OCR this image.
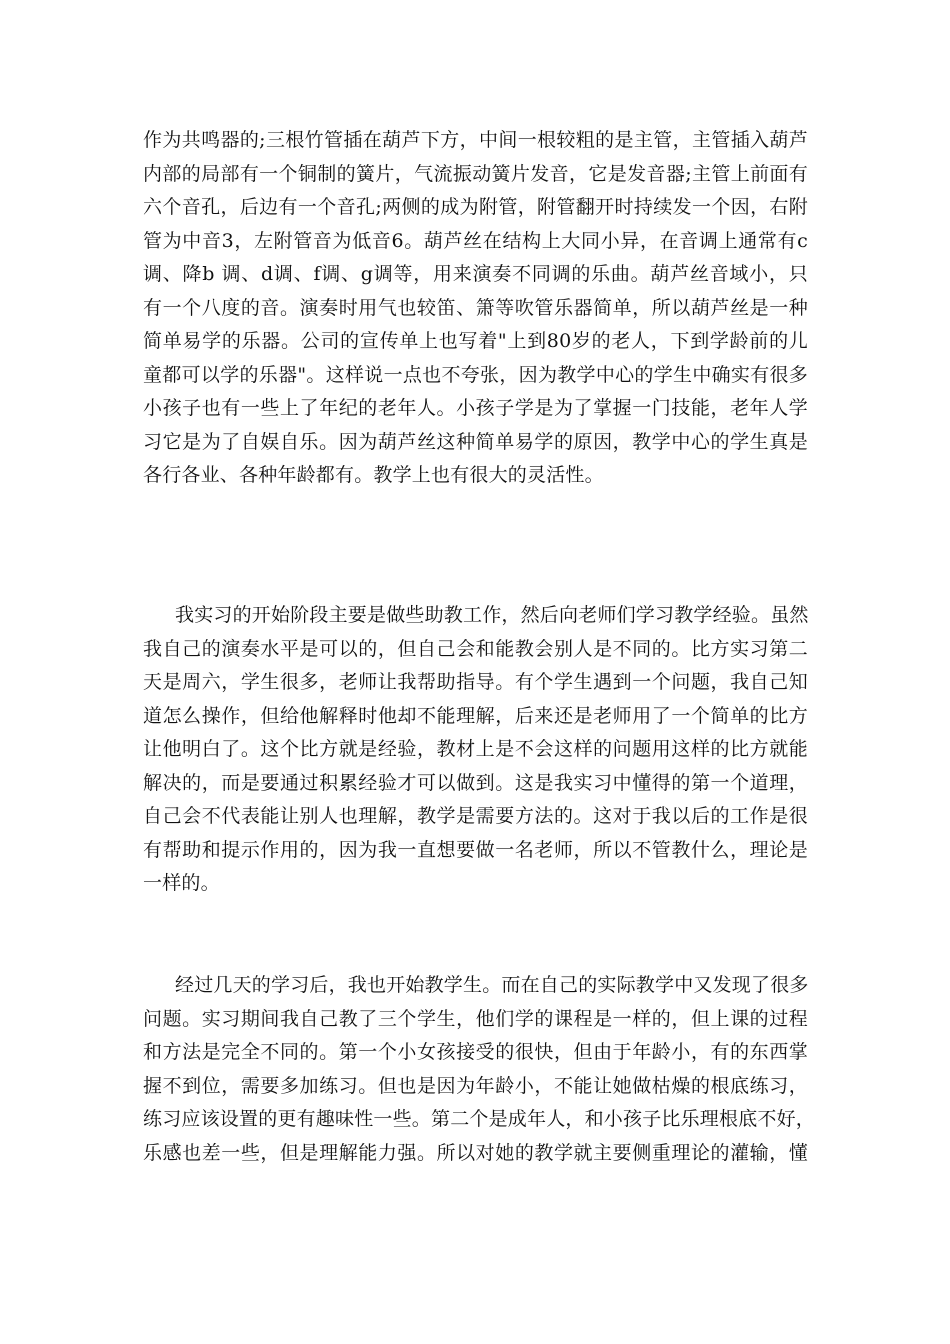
作为共鸣器的;三根竹管插在葫芦下方，中间一根较粗的是主管，主管插入葫芦
内部的局部有一个铜制的簧片，气流振动簧片发音，它是发音器;主管上前面有
六个音孔，后边有一个音孔;两侧的成为附管，附管翻开时持续发一个因，右附
管为中音3，左附管音为低音6。葫芦丝在结构上大同小异，在音调上通常有c
调、降b 调、d调、f调、g调等，用来演奏不同调的乐曲。葫芦丝音域小，只
有一个八度的音。演奏时用气也较笛、箫等吹管乐器简单，所以葫芦丝是一种
简单易学的乐器。公司的宣传单上也写着"上到80岁的老人，下到学龄前的儿
童都可以学的乐器"。这样说一点也不夸张，因为教学中心的学生中确实有很多
小孩子也有一些上了年纪的老年人。小孩子学是为了掌握一门技能，老年人学
习它是为了自娱自乐。因为葫芦丝这种简单易学的原因，教学中心的学生真是
各行各业、各种年龄都有。教学上也有很大的灵活性。
我实习的开始阶段主要是做些助教工作，然后向老师们学习教学经验。虽然
我自己的演奏水平是可以的，但自己会和能教会别人是不同的。比方实习第二
天是周六，学生很多，老师让我帮助指导。有个学生遇到一个问题，我自己知
道怎么操作，但给他解释时他却不能理解，后来还是老师用了一个简单的比方
让他明白了。这个比方就是经验，教材上是不会这样的问题用这样的比方就能
解决的，而是要通过积累经验才可以做到。这是我实习中懂得的第一个道理，
自己会不代表能让别人也理解，教学是需要方法的。这对于我以后的工作是很
有帮助和提示作用的，因为我一直想要做一名老师，所以不管教什么，理论是
一样的。
经过几天的学习后，我也开始教学生。而在自己的实际教学中又发现了很多
问题。实习期间我自己教了三个学生，他们学的课程是一样的，但上课的过程
和方法是完全不同的。第一个小女孩接受的很快，但由于年龄小，有的东西掌
握不到位，需要多加练习。但也是因为年龄小，不能让她做枯燥的根底练习，
练习应该设置的更有趣味性一些。第二个是成年人，和小孩子比乐理根底不好，
乐感也差一些，但是理解能力强。所以对她的教学就主要侧重理论的灌输，懂
